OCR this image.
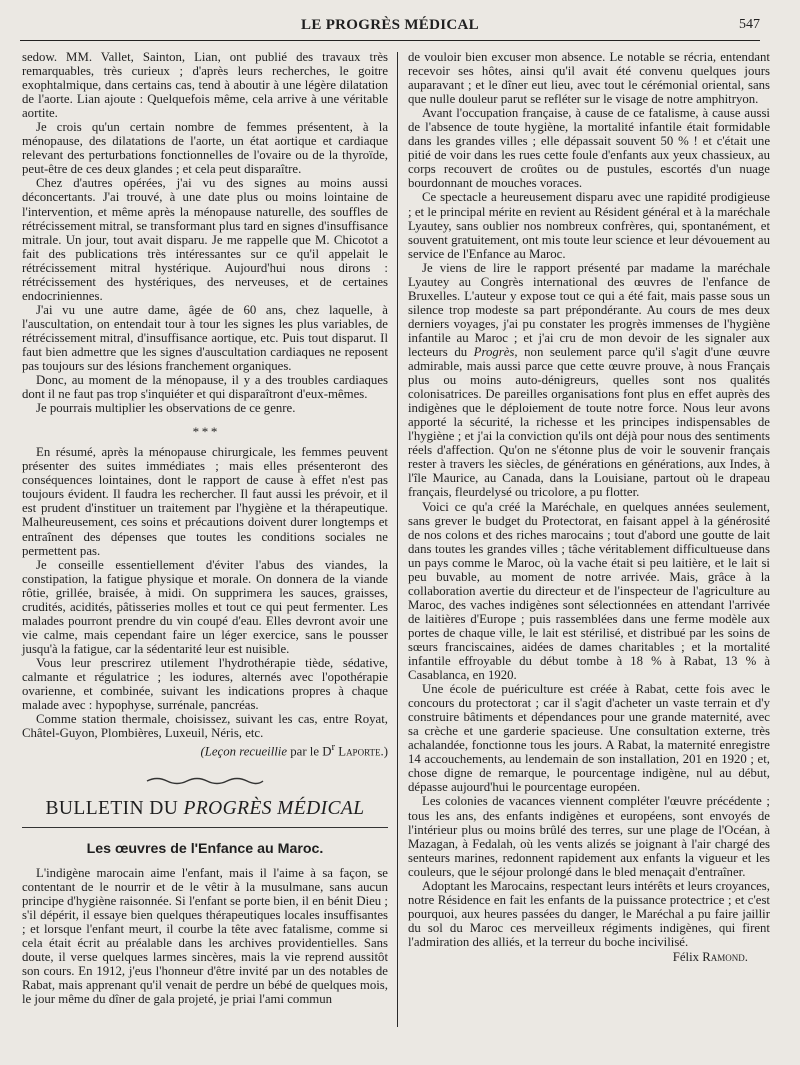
LE PROGRÈS MÉDICAL	547

sedow. MM. Vallet, Sainton, Lian, ont publié des travaux très remarquables, très curieux ; d'après leurs recherches, le goitre exophtalmique, dans certains cas, tend à aboutir à une légère dilatation de l'aorte. Lian ajoute : Quelquefois même, cela arrive à une véritable aortite.

Je crois qu'un certain nombre de femmes présentent, à la ménopause, des dilatations de l'aorte, un état aortique et cardiaque relevant des perturbations fonctionnelles de l'ovaire ou de la thyroïde, peut-être de ces deux glandes ; et cela peut disparaître.

Chez d'autres opérées, j'ai vu des signes au moins aussi déconcertants. J'ai trouvé, à une date plus ou moins lointaine de l'intervention, et même après la ménopause naturelle, des souffles de rétrécissement mitral, se transformant plus tard en signes d'insuffisance mitrale. Un jour, tout avait disparu. Je me rappelle que M. Chicotot a fait des publications très intéressantes sur ce qu'il appelait le rétrécissement mitral hystérique. Aujourd'hui nous dirons : rétrécissement des hystériques, des nerveuses, et de certaines endocriniennes.

J'ai vu une autre dame, âgée de 60 ans, chez laquelle, à l'auscultation, on entendait tour à tour les signes les plus variables, de rétrécissement mitral, d'insuffisance aortique, etc. Puis tout disparut. Il faut bien admettre que les signes d'auscultation cardiaques ne reposent pas toujours sur des lésions franchement organiques.

Donc, au moment de la ménopause, il y a des troubles cardiaques dont il ne faut pas trop s'inquiéter et qui disparaîtront d'eux-mêmes.

Je pourrais multiplier les observations de ce genre.

* * *

En résumé, après la ménopause chirurgicale, les femmes peuvent présenter des suites immédiates ; mais elles présenteront des conséquences lointaines, dont le rapport de cause à effet n'est pas toujours évident. Il faudra les rechercher. Il faut aussi les prévoir, et il est prudent d'instituer un traitement par l'hygiène et la thérapeutique. Malheureusement, ces soins et précautions doivent durer longtemps et entraînent des dépenses que toutes les conditions sociales ne permettent pas.

Je conseille essentiellement d'éviter l'abus des viandes, la constipation, la fatigue physique et morale. On donnera de la viande rôtie, grillée, braisée, à midi. On supprimera les sauces, graisses, crudités, acidités, pâtisseries molles et tout ce qui peut fermenter. Les malades pourront prendre du vin coupé d'eau. Elles devront avoir une vie calme, mais cependant faire un léger exercice, sans le pousser jusqu'à la fatigue, car la sédentarité leur est nuisible.

Vous leur prescrirez utilement l'hydrothérapie tiède, sédative, calmante et régulatrice ; les iodures, alternés avec l'opothérapie ovarienne, et combinée, suivant les indications propres à chaque malade avec : hypophyse, surrénale, pancréas.

Comme station thermale, choisissez, suivant les cas, entre Royat, Châtel-Guyon, Plombières, Luxeuil, Néris, etc.

(Leçon recueillie par le $D^r$ Laporte.)

BULLETIN DU PROGRÈS MÉDICAL
Les œuvres de l'Enfance au Maroc.

L'indigène marocain aime l'enfant, mais il l'aime à sa façon, se contentant de le nourrir et de le vêtir à la musulmane, sans aucun principe d'hygiène raisonnée. Si l'enfant se porte bien, il en bénit Dieu ; s'il dépérit, il essaye bien quelques thérapeutiques locales insuffisantes ; et lorsque l'enfant meurt, il courbe la tête avec fatalisme, comme si cela était écrit au préalable dans les archives providentielles. Sans doute, il verse quelques larmes sincères, mais la vie reprend aussitôt son cours. En 1912, j'eus l'honneur d'être invité par un des notables de Rabat, mais apprenant qu'il venait de perdre un bébé de quelques mois, le jour même du dîner de gala projeté, je priai l'ami commun

de vouloir bien excuser mon absence. Le notable se récria, entendant recevoir ses hôtes, ainsi qu'il avait été convenu quelques jours auparavant ; et le dîner eut lieu, avec tout le cérémonial oriental, sans que nulle douleur parut se refléter sur le visage de notre amphitryon.

Avant l'occupation française, à cause de ce fatalisme, à cause aussi de l'absence de toute hygiène, la mortalité infantile était formidable dans les grandes villes ; elle dépassait souvent 50 % ! et c'était une pitié de voir dans les rues cette foule d'enfants aux yeux chassieux, au corps recouvert de croûtes ou de pustules, escortés d'un nuage bourdonnant de mouches voraces.

Ce spectacle a heureusement disparu avec une rapidité prodigieuse ; et le principal mérite en revient au Résident général et à la maréchale Lyautey, sans oublier nos nombreux confrères, qui, spontanément, et souvent gratuitement, ont mis toute leur science et leur dévouement au service de l'Enfance au Maroc.

Je viens de lire le rapport présenté par madame la maréchale Lyautey au Congrès international des œuvres de l'enfance de Bruxelles. L'auteur y expose tout ce qui a été fait, mais passe sous un silence trop modeste sa part prépondérante. Au cours de mes deux derniers voyages, j'ai pu constater les progrès immenses de l'hygiène infantile au Maroc ; et j'ai cru de mon devoir de les signaler aux lecteurs du Progrès, non seulement parce qu'il s'agit d'une œuvre admirable, mais aussi parce que cette œuvre prouve, à nous Français plus ou moins auto-dénigreurs, quelles sont nos qualités colonisatrices. De pareilles organisations font plus en effet auprès des indigènes que le déploiement de toute notre force. Nous leur avons apporté la sécurité, la richesse et les principes indispensables de l'hygiène ; et j'ai la conviction qu'ils ont déjà pour nous des sentiments réels d'affection. Qu'on ne s'étonne plus de voir le souvenir français rester à travers les siècles, de générations en générations, aux Indes, à l'île Maurice, au Canada, dans la Louisiane, partout où le drapeau français, fleurdelysé ou tricolore, a pu flotter.

Voici ce qu'a créé la Maréchale, en quelques années seulement, sans grever le budget du Protectorat, en faisant appel à la générosité de nos colons et des riches marocains ; tout d'abord une goutte de lait dans toutes les grandes villes ; tâche véritablement difficultueuse dans un pays comme le Maroc, où la vache était si peu laitière, et le lait si peu buvable, au moment de notre arrivée. Mais, grâce à la collaboration avertie du directeur et de l'inspecteur de l'agriculture au Maroc, des vaches indigènes sont sélectionnées en attendant l'arrivée de laitières d'Europe ; puis rassemblées dans une ferme modèle aux portes de chaque ville, le lait est stérilisé, et distribué par les soins de sœurs franciscaines, aidées de dames charitables ; et la mortalité infantile effroyable du début tombe à 18 % à Rabat, 13 % à Casablanca, en 1920.

Une école de puériculture est créée à Rabat, cette fois avec le concours du protectorat ; car il s'agit d'acheter un vaste terrain et d'y construire bâtiments et dépendances pour une grande maternité, avec sa crèche et une garderie spacieuse. Une consultation externe, très achalandée, fonctionne tous les jours. A Rabat, la maternité enregistre 14 accouchements, au lendemain de son installation, 201 en 1920 ; et, chose digne de remarque, le pourcentage indigène, nul au début, dépasse aujourd'hui le pourcentage européen.

Les colonies de vacances viennent compléter l'œuvre précédente ; tous les ans, des enfants indigènes et européens, sont envoyés de l'intérieur plus ou moins brûlé des terres, sur une plage de l'Océan, à Mazagan, à Fedalah, où les vents alizés se joignant à l'air chargé des senteurs marines, redonnent rapidement aux enfants la vigueur et les couleurs, que le séjour prolongé dans le bled menaçait d'entraîner.

Adoptant les Marocains, respectant leurs intérêts et leurs croyances, notre Résidence en fait les enfants de la puissance protectrice ; et c'est pourquoi, aux heures passées du danger, le Maréchal a pu faire jaillir du sol du Maroc ces merveilleux régiments indigènes, qui firent l'admiration des alliés, et la terreur du boche incivilisé.

Félix Ramond.
